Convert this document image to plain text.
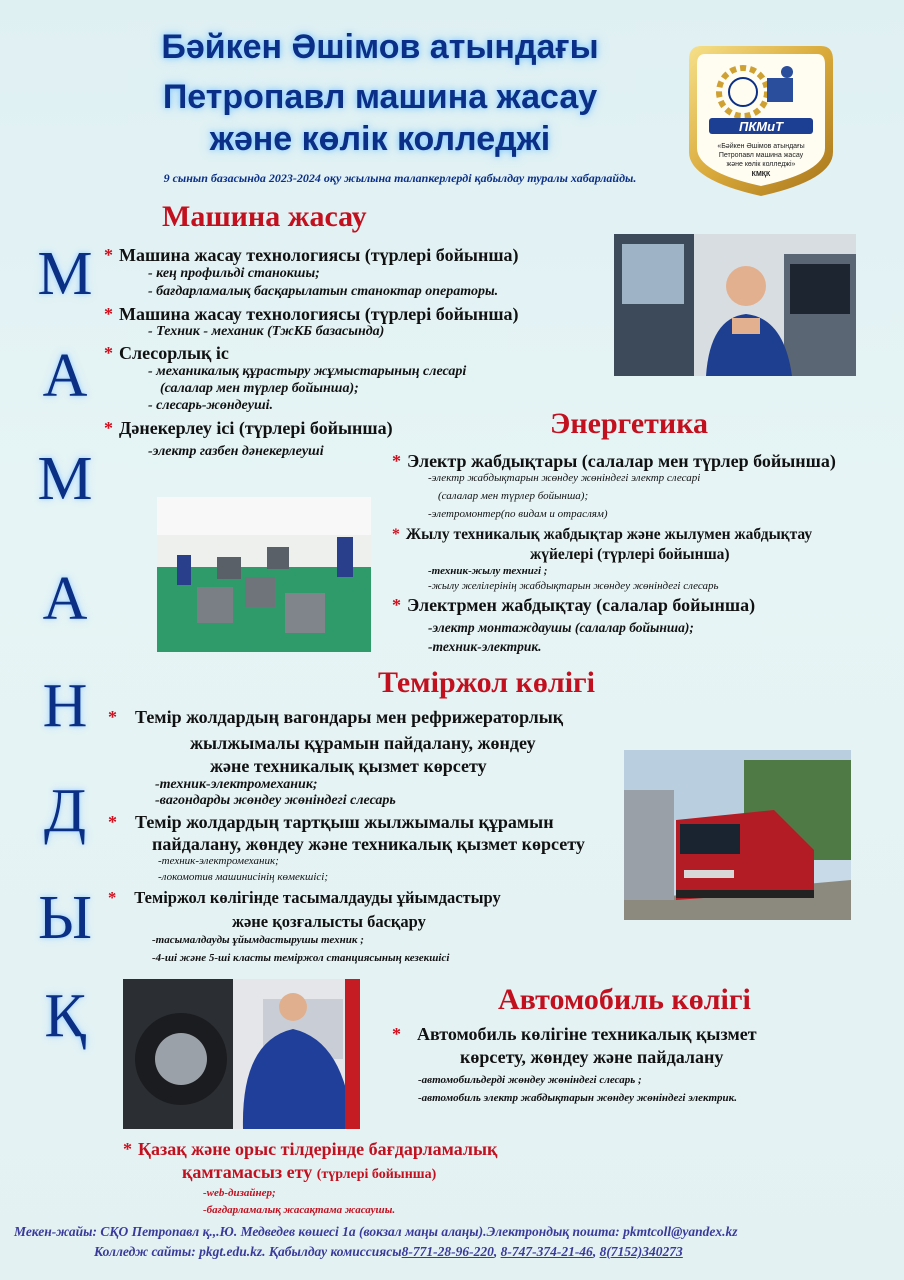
Бәйкен Әшімов атындағы
Петропавл машина жасау
және көлік колледжі
9 сынып базасында 2023-2024 оқу жылына талапкерлерді қабылдау туралы хабарлайды.
ПКМиТ
«Бәйкен Әшімов атындағы
Петропавл машина жасау
және көлік колледжі»
КМҚК
М
А
М
А
Н
Д
Ы
Қ
Машина жасау
* Машина жасау технологиясы (түрлері бойынша)
- кең профильді станокшы;
- бағдарламалық басқарылатын станоктар операторы.
* Машина жасау технологиясы (түрлері бойынша)
- Техник - механик (ТжКБ базасында)
* Слесорлық іс
- механикалық құрастыру жұмыстарының слесарі
(салалар мен түрлер бойынша);
- слесарь-жөндеуші.
* Дәнекерлеу ісі (түрлері бойынша)
-электр газбен дәнекерлеуші
Энергетика
* Электр жабдықтары (салалар мен түрлер бойынша)
-электр жабдықтарын жөндеу жөніндегі электр слесарі
(салалар мен түрлер бойынша);
-элетромонтер(по видам и отраслям)
* Жылу техникалық жабдықтар және жылумен жабдықтау
жүйелері (түрлері бойынша)
-техник-жылу технигі ;
-жылу желілерінің жабдықтарын жөндеу жөніндегі слесарь
* Электрмен жабдықтау (салалар бойынша)
-электр монтаждаушы (салалар бойынша);
-техник-электрик.
Теміржол көлігі
* Темір жолдардың вагондары мен рефрижераторлық
жылжымалы құрамын пайдалану, жөндеу
және техникалық қызмет көрсету
-техник-электромеханик;
-вагондарды жөндеу жөніндегі слесарь
* Темір жолдардың тартқыш жылжымалы құрамын
пайдалану, жөндеу және техникалық қызмет көрсету
-техник-электромеханик;
-локомотив машинисінің көмекшісі;
* Теміржол көлігінде тасымалдауды ұйымдастыру
және қозғалысты басқару
-тасымалдауды ұйымдастырушы техник ;
-4-ші және 5-ші класты теміржол станциясының кезекшісі
Автомобиль көлігі
* Автомобиль көлігіне техникалық қызмет
көрсету, жөндеу және пайдалану
-автомобильдерді жөндеу жөніндегі слесарь ;
-автомобиль электр жабдықтарын жөндеу жөніндегі электрик.
* Қазақ және орыс тілдерінде бағдарламалық
қамтамасыз ету (түрлері бойынша)
-web-дизайнер;
-бағдарламалық жасақтама жасаушы.
Мекен-жайы: СҚО Петропавл қ.,.Ю. Медведев көшесі 1а (вокзал маңы алаңы).Электрондық пошта: pkmtcoll@yandex.kz
Колледж сайты: pkgt.edu.kz. Қабылдау комиссиясы8-771-28-96-220, 8-747-374-21-46, 8(7152)340273
